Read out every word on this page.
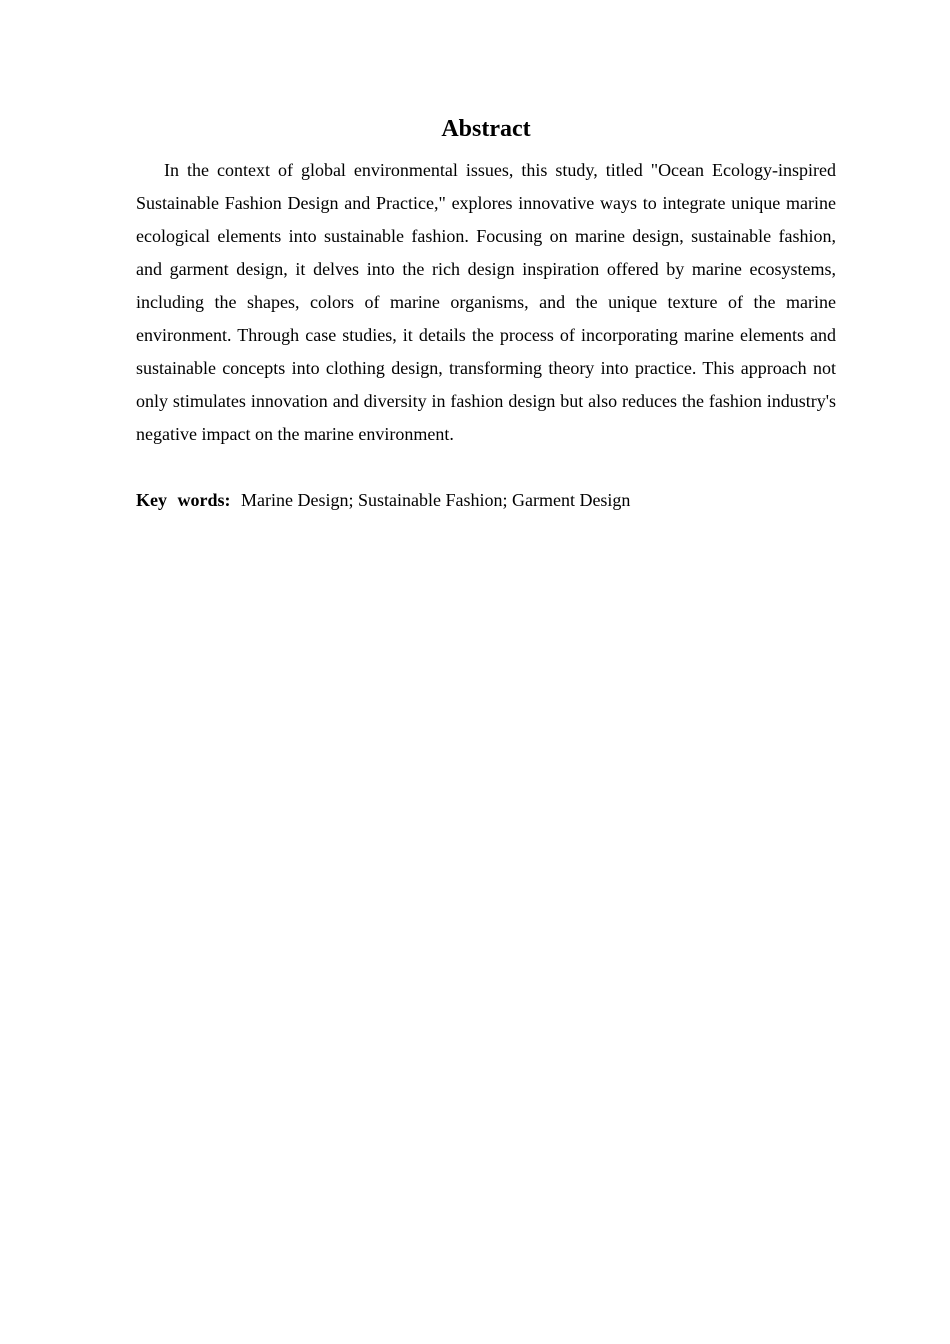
Abstract

In the context of global environmental issues, this study, titled "Ocean Ecology-inspired Sustainable Fashion Design and Practice," explores innovative ways to integrate unique marine ecological elements into sustainable fashion. Focusing on marine design, sustainable fashion, and garment design, it delves into the rich design inspiration offered by marine ecosystems, including the shapes, colors of marine organisms, and the unique texture of the marine environment. Through case studies, it details the process of incorporating marine elements and sustainable concepts into clothing design, transforming theory into practice. This approach not only stimulates innovation and diversity in fashion design but also reduces the fashion industry's negative impact on the marine environment.

Key words: Marine Design; Sustainable Fashion; Garment Design
